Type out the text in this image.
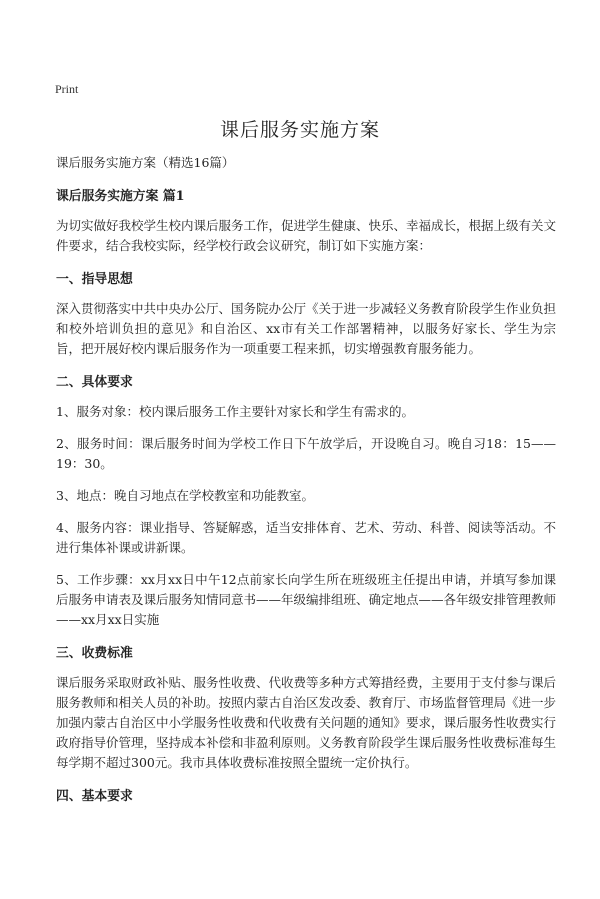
Print
课后服务实施方案

课后服务实施方案（精选16篇）

课后服务实施方案 篇1

为切实做好我校学生校内课后服务工作，促进学生健康、快乐、幸福成长，根据上级有关文件要求，结合我校实际，经学校行政会议研究，制订如下实施方案：

一、指导思想

深入贯彻落实中共中央办公厅、国务院办公厅《关于进一步减轻义务教育阶段学生作业负担和校外培训负担的意见》和自治区、xx市有关工作部署精神，以服务好家长、学生为宗旨，把开展好校内课后服务作为一项重要工程来抓，切实增强教育服务能力。

二、具体要求

1、服务对象：校内课后服务工作主要针对家长和学生有需求的。

2、服务时间：课后服务时间为学校工作日下午放学后，开设晚自习。晚自习18：15——19：30。

3、地点：晚自习地点在学校教室和功能教室。

4、服务内容：课业指导、答疑解惑，适当安排体育、艺术、劳动、科普、阅读等活动。不进行集体补课或讲新课。

5、工作步骤：xx月xx日中午12点前家长向学生所在班级班主任提出申请，并填写参加课后服务申请表及课后服务知情同意书——年级编排组班、确定地点——各年级安排管理教师——xx月xx日实施

三、收费标准

课后服务采取财政补贴、服务性收费、代收费等多种方式筹措经费，主要用于支付参与课后服务教师和相关人员的补助。按照内蒙古自治区发改委、教育厅、市场监督管理局《进一步加强内蒙古自治区中小学服务性收费和代收费有关问题的通知》要求，课后服务性收费实行政府指导价管理，坚持成本补偿和非盈利原则。义务教育阶段学生课后服务性收费标准每生每学期不超过300元。我市具体收费标准按照全盟统一定价执行。

四、基本要求
